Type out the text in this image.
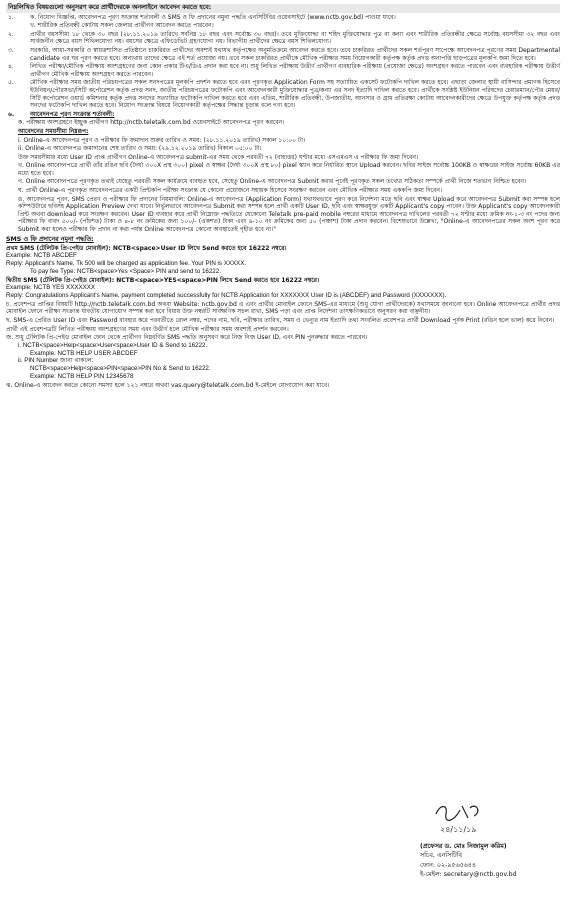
নিম্নলিখিত বিষয়গুলো অনুসরণ করে প্রার্থীদেরকে অনলাইনে আবেদন করতে হবে:
১.	ক. নিয়োগ বিজ্ঞপ্তি, আবেদনপত্র পূরণ সংক্রান্ত শর্তাবলী ও SMS ও ফি প্রদানের নমুনা পদ্ধতি এনসিটিবির ওয়েবসাইটে (www.nctb.gov.bd) পাওয়া যাবে।
খ. শারীরিক প্রতিবন্ধী কোটায় সকল জেলার প্রার্থীগণ আবেদন করতে পারবেন।
২.	প্রার্থীর বয়সসীমা ১৮ থেকে ৩০ বছর (২৮.১১.২০১৯ তারিখে সর্বনিম্ন ১৮ বছর এবং সর্বোচ্চ ৩০ বছর)। তবে মুক্তিযোদ্ধা বা শহিদ মুক্তিযোদ্ধার পুত্র বা কন্যা এবং শারীরিক প্রতিবন্ধীর ক্ষেত্রে সর্বোচ্চ বয়সসীমা ৩২ বছর এবং সার্বজনীন ক্ষেত্রে বয়স শিথিলযোগ্য নয়। বয়সের ক্ষেত্রে এফিডেভিট গ্রহণযোগ্য নয়। বিভাগীয় প্রার্থীদের ক্ষেত্রে বয়স শিথিলযোগ্য।
৩.	সরকারি, আধা-সরকারি ও স্বায়ত্তশাসিত প্রতিষ্ঠানে চাকরিরত প্রার্থীদের অবশ্যই যথাযথ কর্তৃপক্ষের অনুমতিক্রমে আবেদন করতে হবে। তবে চাকরিরত প্রার্থীদের সকল শর্তপূরণ সাপেক্ষে আবেদনপত্র পূরণের সময় Departmental candidate এর ঘর পূরণ করতে হবে। অন্যথায় তাদের ক্ষেত্রে এই শর্ত প্রযোজ্য নয়। তবে সকল চাকরিরত প্রার্থীকে মৌখিক পরীক্ষার সময় নিয়োগকারী কর্তৃপক্ষ কর্তৃক প্রদত্ত অনাপত্তি ছাড়পত্রের মূলকপি জমা দিতে হবে।
৪.	লিখিত পরীক্ষা/মৌখিক পরীক্ষায় অংশগ্রহণের জন্য কোন প্রকার টিএ/ডিএ প্রদান করা হবে না। শুধু লিখিত পরীক্ষায় উত্তীর্ণ প্রার্থীগণ ব্যবহারিক পরীক্ষায় (প্রযোজ্য ক্ষেত্রে) অংশগ্রহণ করতে পারবেন এবং ব্যবহারিক পরীক্ষায় উত্তীর্ণ প্রার্থীগণ মৌখিক পরীক্ষায় অংশগ্রহণ করতে পারবেন।
৫.	মৌখিক পরীক্ষার সময় জাতীয় পরিচয়পত্রের সকল সনদপত্রের মূলকপি প্রদর্শন করতে হবে এবং পূরণকৃত Application Form সহ সত্যায়িত একসেট ফটোকপি দাখিল করতে হবে। এছাড়া জেলার স্থায়ী বাসিন্দার প্রমাণক হিসেবে ইউনিয়ন/পৌরসভা/সিটি কর্পোরেশন কর্তৃক প্রদত্ত সনদ, জাতীয় পরিচয়পত্রের ফটোকপি এবং আবেদনকারী মুক্তিযোদ্ধার পুত্র/কন্যা এর সনদ ইত্যাদি দাখিল করতে হবে। প্রার্থীকে সংশ্লিষ্ট ইউনিয়ন পরিষদের চেয়ারম্যান/পৌর মেয়র/সিটি কর্পোরেশন ওয়ার্ড কমিশনার কর্তৃক প্রদত্ত সনদের সত্যায়িত ফটোকপি দাখিল করতে হবে এবং এতিম, শারীরিক প্রতিবন্ধী, উপজাতীয়, আনসার ও গ্রাম প্রতিরক্ষা কোটায় আবেদনকারীদের ক্ষেত্রে উপযুক্ত কর্তৃপক্ষ কর্তৃক প্রদত্ত সনদের ফটোকপি দাখিল করতে হবে। নিয়োগ সংক্রান্ত বিষয়ে নিয়োগকারী কর্তৃপক্ষের সিদ্ধান্ত চূড়ান্ত বলে গণ্য হবে।
৬.	আবেদনপত্র পূরণ সংক্রান্ত শর্তাবলী:
ক. পরীক্ষায় অংশগ্রহণে ইচ্ছুক প্রার্থীগণ http://nctb.teletalk.com.bd ওয়েবসাইটে আবেদনপত্র পূরণ করবেন।
আবেদনের সময়সীমা নিম্নরূপ:
i. Online-এ আবেদনপত্র পূরণ ও পরীক্ষার ফি জমাদান শুরুর তারিখ ও সময়: (২৮.১১.২০১৯ তারিখ) সকাল ১০:০০ টা।
ii. Online-এ আবেদনপত্র জমাদানের শেষ তারিখ ও সময়: (২৯.১২.২০১৯ তারিখ) বিকাল ০৫:০০ টা।
উক্ত সময়সীমার মধ্যে User ID প্রাপ্ত প্রার্থীগণ Online-এ আবেদনপত্র submit-এর সময় থেকে পরবর্তী ৭২ (বাহাত্তর) ঘণ্টার মধ্যে এসএমএস এ পরীক্ষার ফি জমা দিবেন।
খ. Online আবেদনপত্রে প্রার্থী তাঁর রঙিন ছবি (দৈর্ঘ্য ৩০০X প্রস্থ ৩০০) pixel ও স্বাক্ষর (দৈর্ঘ্য ৩০০X প্রস্থ ৮০) pixel স্ক্যান করে নির্ধারিত স্থানে Upload করবেন। ছবির সাইজ সর্বোচ্চ 100KB ও স্বাক্ষরের সাইজ সর্বোচ্চ 60KB এর মধ্যে হতে হবে।
গ. Online আবেদনপত্রে পূরণকৃত তথ্যই যেহেতু পরবর্তী সকল কার্যক্রমে ব্যবহৃত হবে, সেহেতু Online-এ আবেদনপত্র Submit করার পূর্বেই পূরণকৃত সকল তথ্যের সঠিকতা সম্পর্কে প্রার্থী নিজে শতভাগ নিশ্চিত হবেন।
ঘ. প্রার্থী Online-এ পূরণকৃত আবেদনপত্রের একটি প্রিন্টকপি পরীক্ষা সংক্রান্ত যে কোনো প্রয়োজনে সহায়ক হিসেবে সংরক্ষণ করবেন এবং মৌখিক পরীক্ষার সময় এককপি জমা দিবেন।
ঙ. আবেদনপত্র পূরণ, SMS প্রেরণ ও পরীক্ষার ফি প্রদানের নিয়মাবলি: Online-এ আবেদনপত্র (Application Form) যথাযথভাবে পূরণ করে নির্দেশনা মতে ছবি এবং স্বাক্ষর Upload করে আবেদনপত্র Submit করা সম্পন্ন হলে কম্পিউটারে ছবিসহ Application Preview দেখা যাবে। নির্ভুলভাবে আবেদনপত্র Submit করা সম্পন্ন হলে প্রার্থী একটি User ID, ছবি এবং স্বাক্ষরযুক্ত একটি Applicant's copy পাবেন। উক্ত Applicant's copy আবেদনকারী প্রিন্ট অথবা download করে সংরক্ষণ করবেন। User ID ব্যবহার করে প্রার্থী নিম্নোক্ত পদ্ধতিতে যেকোনো Teletalk pre-paid mobile নম্বরের মাধ্যমে আবেদনপত্র দাখিলের পরবর্তী ৭২ ঘণ্টার মধ্যে ক্রমিক নং-১-৩ নং পদের জন্য পরীক্ষার ফি বাবদ ৫০০/- (পাঁচশত) টাকা ও ৪-৮ নং ক্রমিকের জন্য ১০০/- (একশত) টাকা এবং ৯-১০ নং ক্রমিকের জন্য ৫০ (পঞ্চাশ) টাকা প্রদান করবেন। বিশেষভাবে উল্লেখ্য, "Online-এ আবেদনপত্রের সকল অংশ পূরণ করে Submit করা হলেও পরীক্ষার ফি প্রদান না করা পর্যন্ত Online আবেদনপত্র কোনো অবস্থাতেই গৃহীত হবে না।"
SMS ও ফি প্রদানের নমুনা পদ্ধতি:
প্রথম SMS (টেলিটক প্রি-পেইড মোবাইল): NCTB<space>User ID লিখে Send করতে হবে 16222 নম্বরে।
Example: NCTB ABCDEF
Reply: Applicant's Name, Tk 500 will be charged as application fee. Your PIN is XXXXX.
To pay fee Type: NCTB<space>Yes <Space> PIN and send to 16222.
দ্বিতীয় SMS (টেলিটক প্রি-পেইড মোবাইল): NCTB<space>YES<space>PIN লিখে Send করতে হবে 16222 নম্বরে।
Example: NCTB YES XXXXXXX
Reply: Congratulations Applicant's Name, payment completed successfully for NCTB Application for XXXXXXX User ID is (ABCDEF) and Password (XXXXXXX).
চ. প্রবেশপত্র প্রাপ্তির বিষয়টি http://nctb.teletalk.com.bd অথবা Website: nctb.gov.bd এ এবং প্রার্থীর মোবাইল ফোনে SMS-এর মাধ্যমে (শুধু যোগ্য প্রার্থীদেরকে) যথাসময়ে জানানো হবে। Online আবেদনপত্রে প্রার্থীর প্রদত্ত মোবাইল ফোনে পরীক্ষা সংক্রান্ত যাবতীয় যোগাযোগ সম্পন্ন করা হবে বিধায় উক্ত নম্বরটি সার্বক্ষণিক সচল রাখা, SMS পড়া এবং প্রাপ্ত নির্দেশনা তাৎক্ষণিকভাবে অনুসরণ করা বাঞ্ছনীয়।
ছ. SMS-এ প্রেরিত User ID এবং Password ব্যবহার করে পরবর্তীতে রোল নম্বর, পদের নাম, ছবি, পরীক্ষার তারিখ, সময় ও ভেন্যুর নাম ইত্যাদি তথ্য সংবলিত প্রবেশপত্র প্রার্থী Download পূর্বক Print (রঙিন হলে ভাল) করে নিবেন।
প্রার্থী এই প্রবেশপত্রটি লিখিত পরীক্ষায় অংশগ্রহণের সময় এবং উত্তীর্ণ হলে মৌখিক পরীক্ষার সময় অবশ্যই প্রদর্শন করবেন।
জ. শুধু টেলিটক প্রি-পেইড মোবাইল ফোন থেকে প্রার্থীগণ নিম্নবর্ণিত SMS পদ্ধতি অনুসরণ করে নিজ নিজ User ID, এবং PIN পুনরুদ্ধার করতে পারবেন।
i. NCTB<space>Help<space>User<space>User ID & Send to 16222.
Example: NCTB HELP USER ABCDEF
ii. PIN Number জানা থাকলে:
NCTB<space>Help<space>PIN<space>PIN No & Send to 16222.
Example: NCTB HELP PIN 12345678
ঝ. Online-এ আবেদন করতে কোনো সমস্যা হলে ১২১ নম্বরে অথবা vas.query@teletalk.com.bd ই-মেইলে যোগাযোগ করা যাবে।
২৪/১১/১৯
(প্রফেসর ড. মোঃ নিজামুল করিম)
সচিব, এনসিটিবি
ফোন: ০২-৯৫৬৫৬৪৪
ই-মেইল: secretary@nctb.gov.bd
